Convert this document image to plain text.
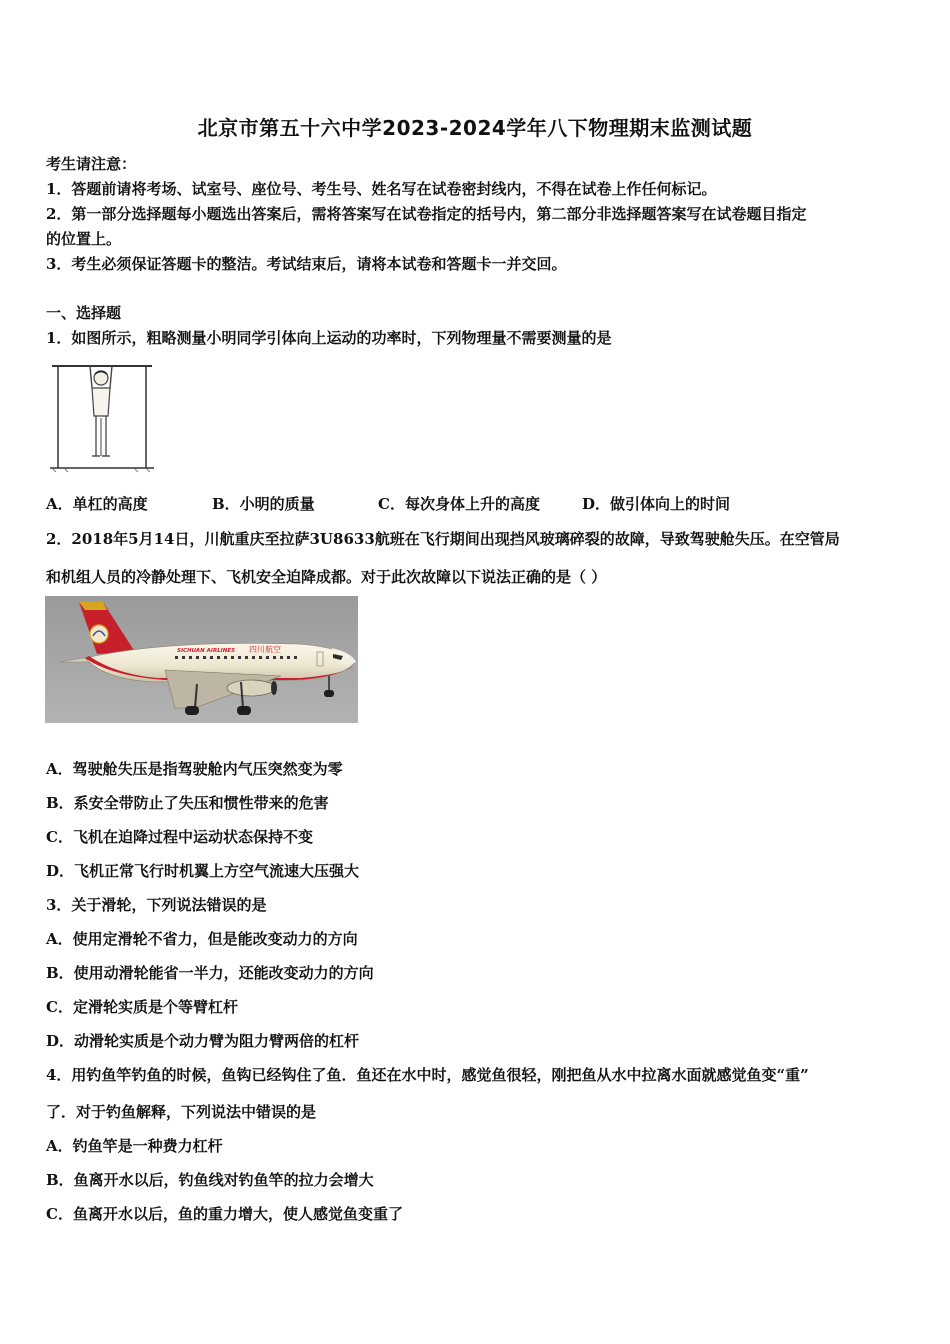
北京市第五十六中学2023-2024学年八下物理期末监测试题
考生请注意：
1．答题前请将考场、试室号、座位号、考生号、姓名写在试卷密封线内，不得在试卷上作任何标记。
2．第一部分选择题每小题选出答案后，需将答案写在试卷指定的括号内，第二部分非选择题答案写在试卷题目指定
的位置上。
3．考生必须保证答题卡的整洁。考试结束后，请将本试卷和答题卡一并交回。
一、选择题
1．如图所示，粗略测量小明同学引体向上运动的功率时，下列物理量不需要测量的是
A．单杠的高度	B．小明的质量	C．每次身体上升的高度	D．做引体向上的时间
2．2018年5月14日，川航重庆至拉萨3U8633航班在飞行期间出现挡风玻璃碎裂的故障，导致驾驶舱失压。在空管局
和机组人员的冷静处理下、飞机安全迫降成都。对于此次故障以下说法正确的是（ ）
SICHUAN AIRLINES 四川航空
A．驾驶舱失压是指驾驶舱内气压突然变为零
B．系安全带防止了失压和惯性带来的危害
C．飞机在迫降过程中运动状态保持不变
D．飞机正常飞行时机翼上方空气流速大压强大
3．关于滑轮，下列说法错误的是
A．使用定滑轮不省力，但是能改变动力的方向
B．使用动滑轮能省一半力，还能改变动力的方向
C．定滑轮实质是个等臂杠杆
D．动滑轮实质是个动力臂为阻力臂两倍的杠杆
4．用钓鱼竿钓鱼的时候，鱼钩已经钩住了鱼．鱼还在水中时，感觉鱼很轻，刚把鱼从水中拉离水面就感觉鱼变“重”
了．对于钓鱼解释，下列说法中错误的是
A．钓鱼竿是一种费力杠杆
B．鱼离开水以后，钓鱼线对钓鱼竿的拉力会增大
C．鱼离开水以后，鱼的重力增大，使人感觉鱼变重了
